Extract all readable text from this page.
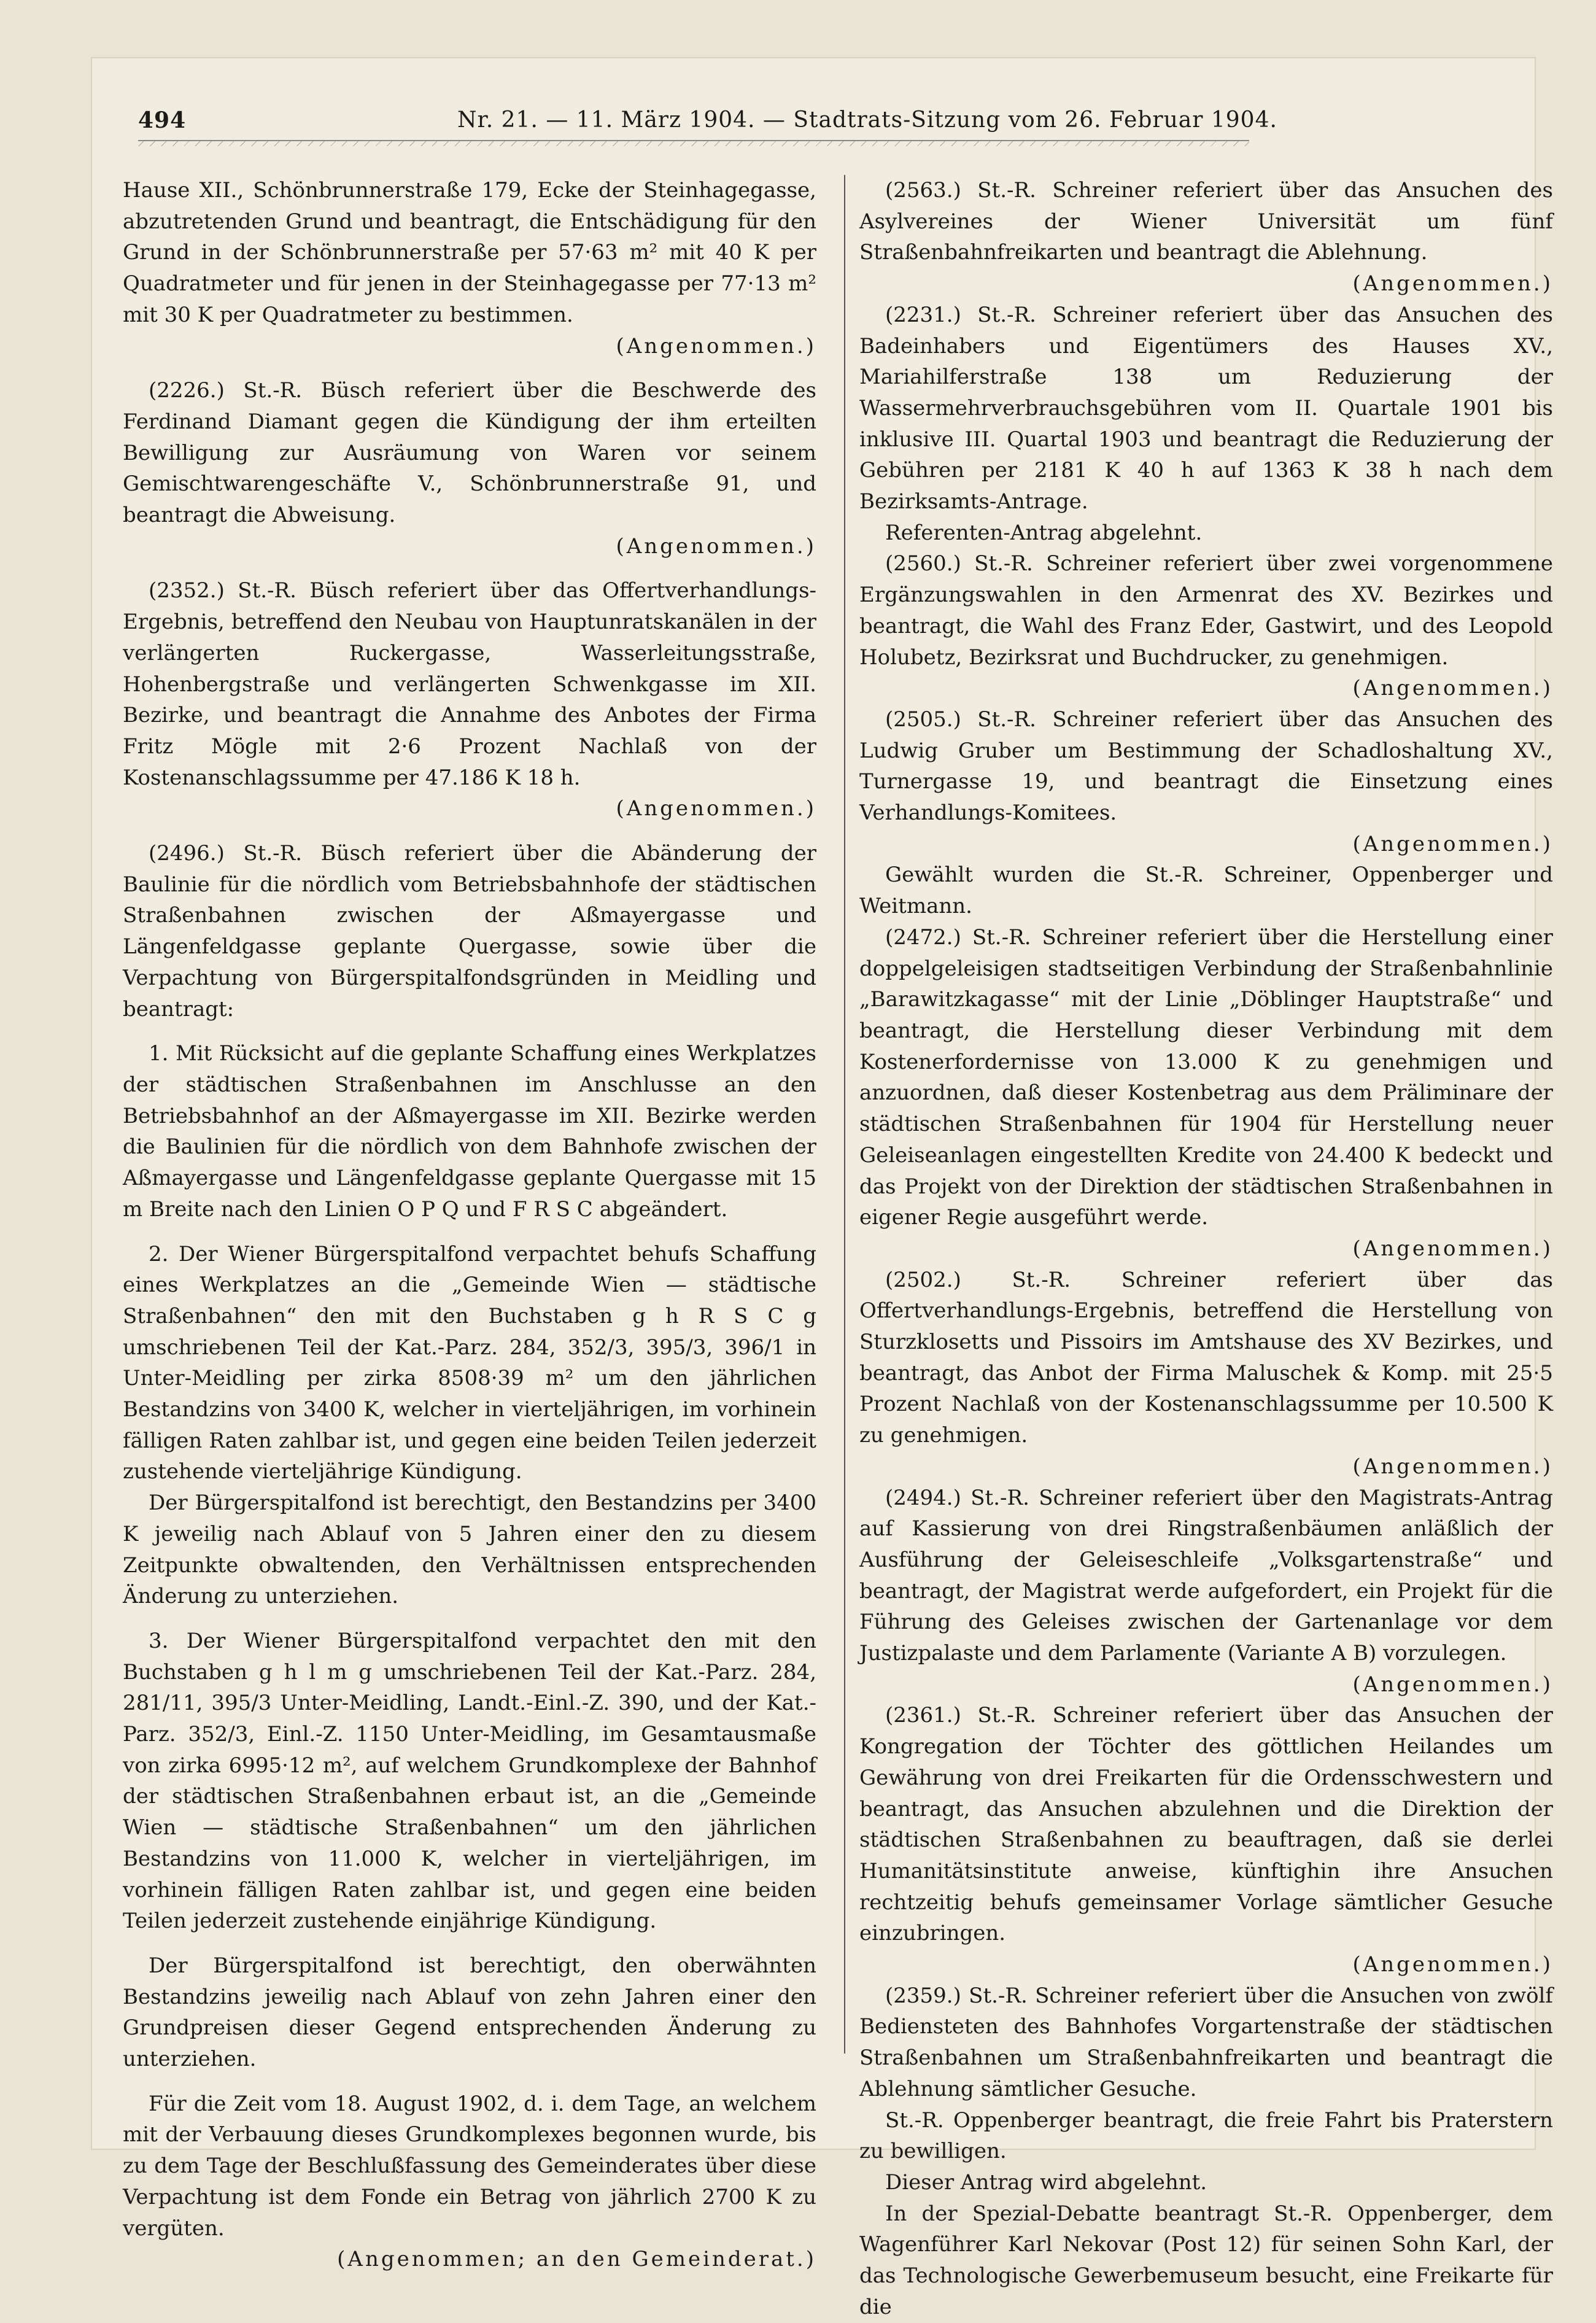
494	Nr. 21. — 11. März 1904. — Stadtrats-Sitzung vom 26. Februar 1904.

Hause XII., Schönbrunnerstraße 179, Ecke der Steinhagegasse, abzutretenden Grund und beantragt, die Entschädigung für den Grund in der Schönbrunnerstraße per 57·63 m² mit 40 K per Quadratmeter und für jenen in der Steinhagegasse per 77·13 m² mit 30 K per Quadratmeter zu bestimmen.

(Angenommen.)

(2226.) St.-R. Büsch referiert über die Beschwerde des Ferdinand Diamant gegen die Kündigung der ihm erteilten Bewilligung zur Ausräumung von Waren vor seinem Gemischtwarengeschäfte V., Schönbrunnerstraße 91, und beantragt die Abweisung.

(Angenommen.)

(2352.) St.-R. Büsch referiert über das Offertverhandlungs-Ergebnis, betreffend den Neubau von Hauptunratskanälen in der verlängerten Ruckergasse, Wasserleitungsstraße, Hohenbergstraße und verlängerten Schwenkgasse im XII. Bezirke, und beantragt die Annahme des Anbotes der Firma Fritz Mögle mit 2·6 Prozent Nachlaß von der Kostenanschlagssumme per 47.186 K 18 h.

(Angenommen.)

(2496.) St.-R. Büsch referiert über die Abänderung der Baulinie für die nördlich vom Betriebsbahnhofe der städtischen Straßenbahnen zwischen der Aßmayergasse und Längenfeldgasse geplante Quergasse, sowie über die Verpachtung von Bürgerspitalfondsgründen in Meidling und beantragt:

1. Mit Rücksicht auf die geplante Schaffung eines Werkplatzes der städtischen Straßenbahnen im Anschlusse an den Betriebsbahnhof an der Aßmayergasse im XII. Bezirke werden die Baulinien für die nördlich von dem Bahnhofe zwischen der Aßmayergasse und Längenfeldgasse geplante Quergasse mit 15 m Breite nach den Linien O P Q und F R S C abgeändert.

2. Der Wiener Bürgerspitalfond verpachtet behufs Schaffung eines Werkplatzes an die „Gemeinde Wien — städtische Straßenbahnen“ den mit den Buchstaben g h R S C g umschriebenen Teil der Kat.-Parz. 284, 352/3, 395/3, 396/1 in Unter-Meidling per zirka 8508·39 m² um den jährlichen Bestandzins von 3400 K, welcher in vierteljährigen, im vorhinein fälligen Raten zahlbar ist, und gegen eine beiden Teilen jederzeit zustehende vierteljährige Kündigung.

Der Bürgerspitalfond ist berechtigt, den Bestandzins per 3400 K jeweilig nach Ablauf von 5 Jahren einer den zu diesem Zeitpunkte obwaltenden, den Verhältnissen entsprechenden Änderung zu unterziehen.

3. Der Wiener Bürgerspitalfond verpachtet den mit den Buchstaben g h l m g umschriebenen Teil der Kat.-Parz. 284, 281/11, 395/3 Unter-Meidling, Landt.-Einl.-Z. 390, und der Kat.-Parz. 352/3, Einl.-Z. 1150 Unter-Meidling, im Gesamtausmaße von zirka 6995·12 m², auf welchem Grundkomplexe der Bahnhof der städtischen Straßenbahnen erbaut ist, an die „Gemeinde Wien — städtische Straßenbahnen“ um den jährlichen Bestandzins von 11.000 K, welcher in vierteljährigen, im vorhinein fälligen Raten zahlbar ist, und gegen eine beiden Teilen jederzeit zustehende einjährige Kündigung.

Der Bürgerspitalfond ist berechtigt, den oberwähnten Bestandzins jeweilig nach Ablauf von zehn Jahren einer den Grundpreisen dieser Gegend entsprechenden Änderung zu unterziehen.

Für die Zeit vom 18. August 1902, d. i. dem Tage, an welchem mit der Verbauung dieses Grundkomplexes begonnen wurde, bis zu dem Tage der Beschlußfassung des Gemeinderates über diese Verpachtung ist dem Fonde ein Betrag von jährlich 2700 K zu vergüten.

(Angenommen; an den Gemeinderat.)

(2563.) St.-R. Schreiner referiert über das Ansuchen des Asylvereines der Wiener Universität um fünf Straßenbahnfreikarten und beantragt die Ablehnung.

(Angenommen.)

(2231.) St.-R. Schreiner referiert über das Ansuchen des Badeinhabers und Eigentümers des Hauses XV., Mariahilferstraße 138 um Reduzierung der Wassermehrverbrauchsgebühren vom II. Quartale 1901 bis inklusive III. Quartal 1903 und beantragt die Reduzierung der Gebühren per 2181 K 40 h auf 1363 K 38 h nach dem Bezirksamts-Antrage.

Referenten-Antrag abgelehnt.

(2560.) St.-R. Schreiner referiert über zwei vorgenommene Ergänzungswahlen in den Armenrat des XV. Bezirkes und beantragt, die Wahl des Franz Eder, Gastwirt, und des Leopold Holubetz, Bezirksrat und Buchdrucker, zu genehmigen.

(Angenommen.)

(2505.) St.-R. Schreiner referiert über das Ansuchen des Ludwig Gruber um Bestimmung der Schadloshaltung XV., Turnergasse 19, und beantragt die Einsetzung eines Verhandlungs-Komitees.

(Angenommen.)

Gewählt wurden die St.-R. Schreiner, Oppenberger und Weitmann.

(2472.) St.-R. Schreiner referiert über die Herstellung einer doppelgeleisigen stadtseitigen Verbindung der Straßenbahnlinie „Barawitzkagasse“ mit der Linie „Döblinger Hauptstraße“ und beantragt, die Herstellung dieser Verbindung mit dem Kostenerfordernisse von 13.000 K zu genehmigen und anzuordnen, daß dieser Kostenbetrag aus dem Präliminare der städtischen Straßenbahnen für 1904 für Herstellung neuer Geleiseanlagen eingestellten Kredite von 24.400 K bedeckt und das Projekt von der Direktion der städtischen Straßenbahnen in eigener Regie ausgeführt werde.

(Angenommen.)

(2502.) St.-R. Schreiner referiert über das Offertverhandlungs-Ergebnis, betreffend die Herstellung von Sturzklosetts und Pissoirs im Amtshause des XV Bezirkes, und beantragt, das Anbot der Firma Maluschek & Komp. mit 25·5 Prozent Nachlaß von der Kostenanschlagssumme per 10.500 K zu genehmigen.

(Angenommen.)

(2494.) St.-R. Schreiner referiert über den Magistrats-Antrag auf Kassierung von drei Ringstraßenbäumen anläßlich der Ausführung der Geleiseschleife „Volksgartenstraße“ und beantragt, der Magistrat werde aufgefordert, ein Projekt für die Führung des Geleises zwischen der Gartenanlage vor dem Justizpalaste und dem Parlamente (Variante A B) vorzulegen.

(Angenommen.)

(2361.) St.-R. Schreiner referiert über das Ansuchen der Kongregation der Töchter des göttlichen Heilandes um Gewährung von drei Freikarten für die Ordensschwestern und beantragt, das Ansuchen abzulehnen und die Direktion der städtischen Straßenbahnen zu beauftragen, daß sie derlei Humanitätsinstitute anweise, künftighin ihre Ansuchen rechtzeitig behufs gemeinsamer Vorlage sämtlicher Gesuche einzubringen.

(Angenommen.)

(2359.) St.-R. Schreiner referiert über die Ansuchen von zwölf Bediensteten des Bahnhofes Vorgartenstraße der städtischen Straßenbahnen um Straßenbahnfreikarten und beantragt die Ablehnung sämtlicher Gesuche.

St.-R. Oppenberger beantragt, die freie Fahrt bis Praterstern zu bewilligen.

Dieser Antrag wird abgelehnt.

In der Spezial-Debatte beantragt St.-R. Oppenberger, dem Wagenführer Karl Nekovar (Post 12) für seinen Sohn Karl, der das Technologische Gewerbemuseum besucht, eine Freikarte für die
